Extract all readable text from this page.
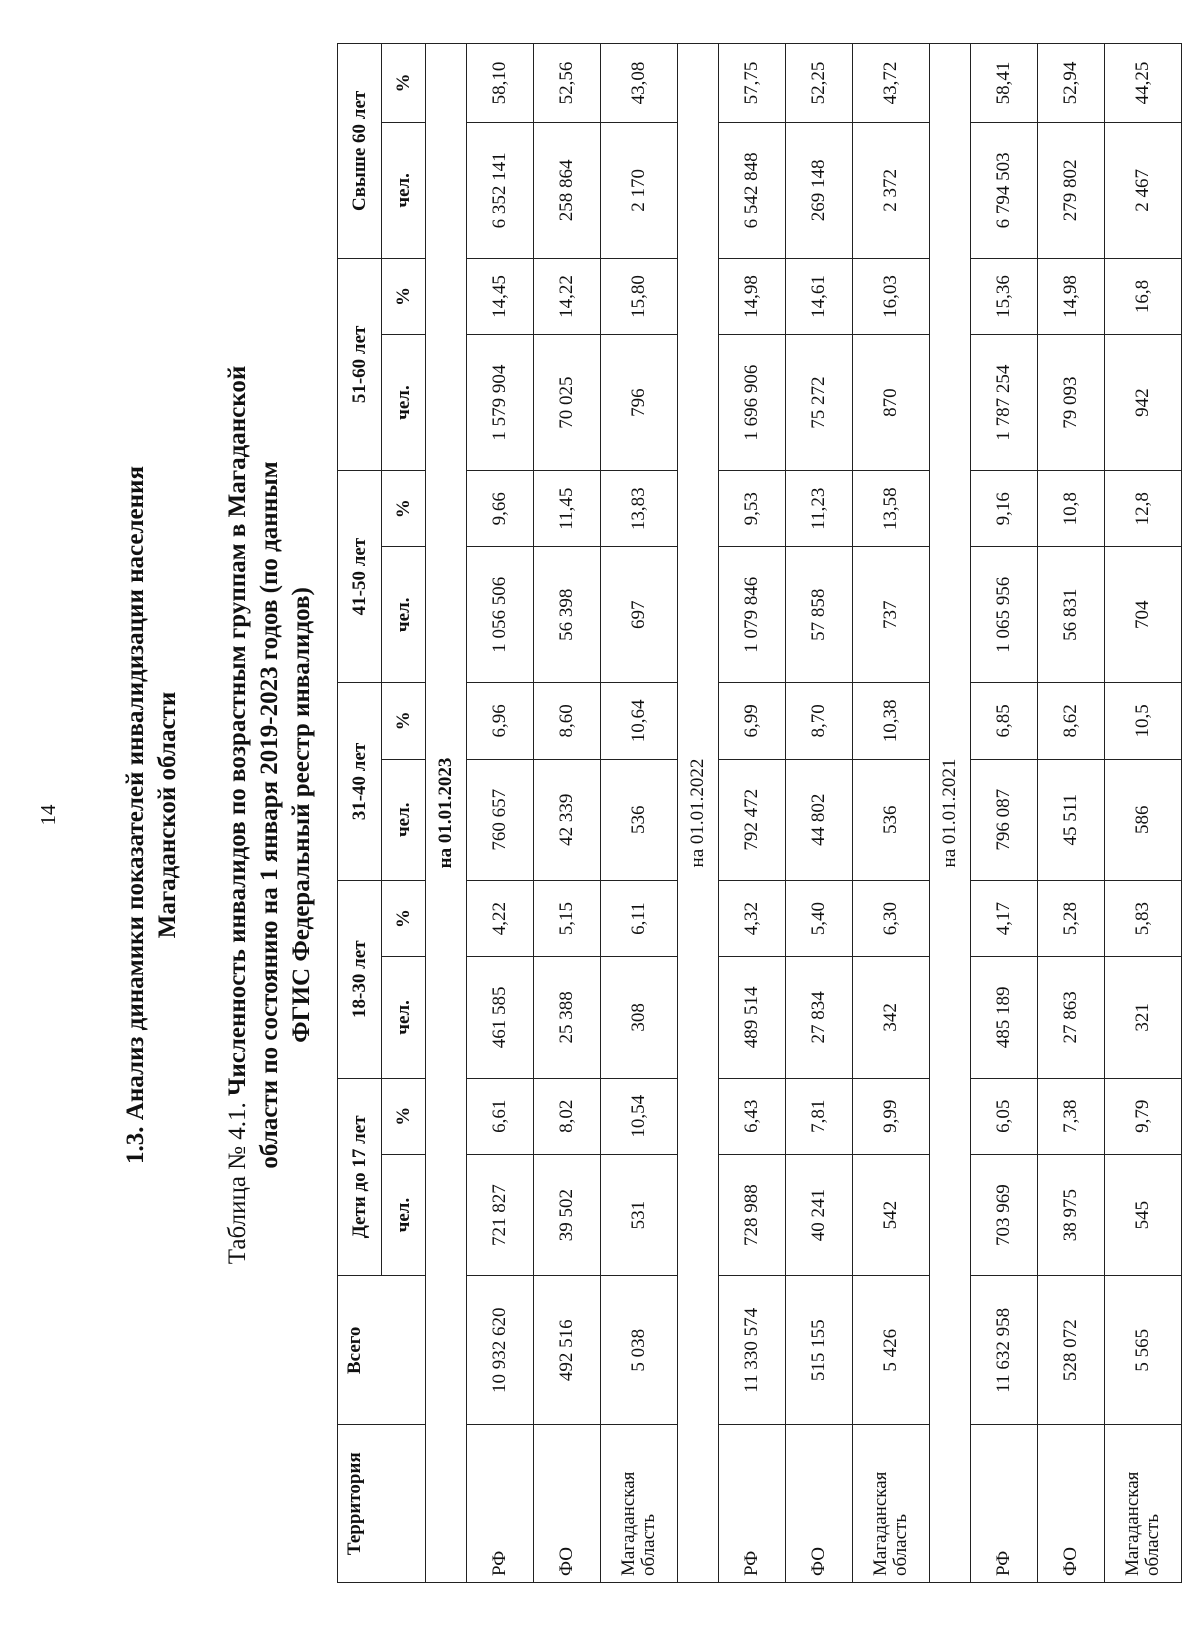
14
1.3. Анализ динамики показателей инвалидизации населения Магаданской области
Таблица № 4.1. Численность инвалидов по возрастным группам в Магаданской области по состоянию на 1 января 2019-2023 годов (по данным ФГИС Федеральный реестр инвалидов)
Территория	Всего	Дети до 17 лет		18-30 лет		31-40 лет		41-50 лет		51-60 лет		Свыше 60 лет	
		чел.	%	чел.	%	чел.	%	чел.	%	чел.	%	чел.	%
на 01.01.2023													
РФ	10 932 620	721 827	6,61	461 585	4,22	760 657	6,96	1 056 506	9,66	1 579 904	14,45	6 352 141	58,10
ФО	492 516	39 502	8,02	25 388	5,15	42 339	8,60	56 398	11,45	70 025	14,22	258 864	52,56
Магаданская область	5 038	531	10,54	308	6,11	536	10,64	697	13,83	796	15,80	2 170	43,08
на 01.01.2022													
РФ	11 330 574	728 988	6,43	489 514	4,32	792 472	6,99	1 079 846	9,53	1 696 906	14,98	6 542 848	57,75
ФО	515 155	40 241	7,81	27 834	5,40	44 802	8,70	57 858	11,23	75 272	14,61	269 148	52,25
Магаданская область	5 426	542	9,99	342	6,30	536	10,38	737	13,58	870	16,03	2 372	43,72
на 01.01.2021													
РФ	11 632 958	703 969	6,05	485 189	4,17	796 087	6,85	1 065 956	9,16	1 787 254	15,36	6 794 503	58,41
ФО	528 072	38 975	7,38	27 863	5,28	45 511	8,62	56 831	10,8	79 093	14,98	279 802	52,94
Магаданская область	5 565	545	9,79	321	5,83	586	10,5	704	12,8	942	16,8	2 467	44,25
